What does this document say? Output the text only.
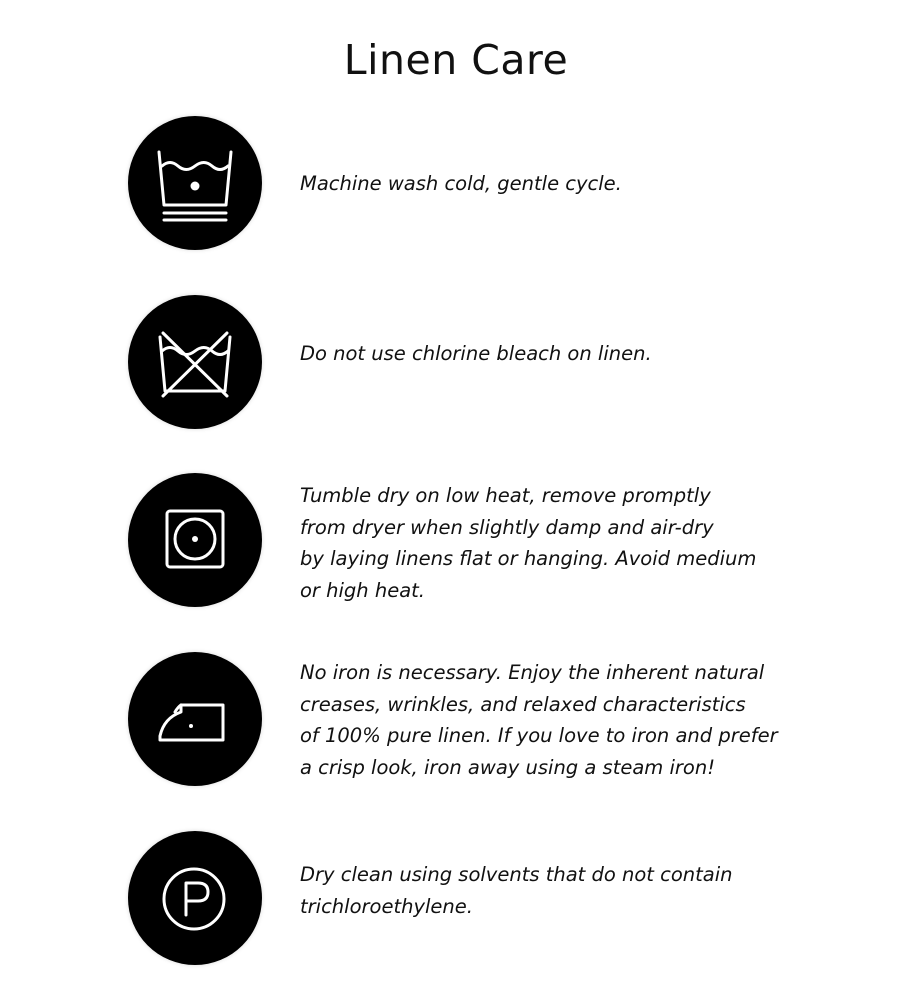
Linen Care

Machine wash cold, gentle cycle.

Do not use chlorine bleach on linen.

Tumble dry on low heat, remove promptly
from dryer when slightly damp and air-dry
by laying linens flat or hanging. Avoid medium
or high heat.

No iron is necessary. Enjoy the inherent natural
creases, wrinkles, and relaxed characteristics
of 100% pure linen. If you love to iron and prefer
a crisp look, iron away using a steam iron!

Dry clean using solvents that do not contain
trichloroethylene.
